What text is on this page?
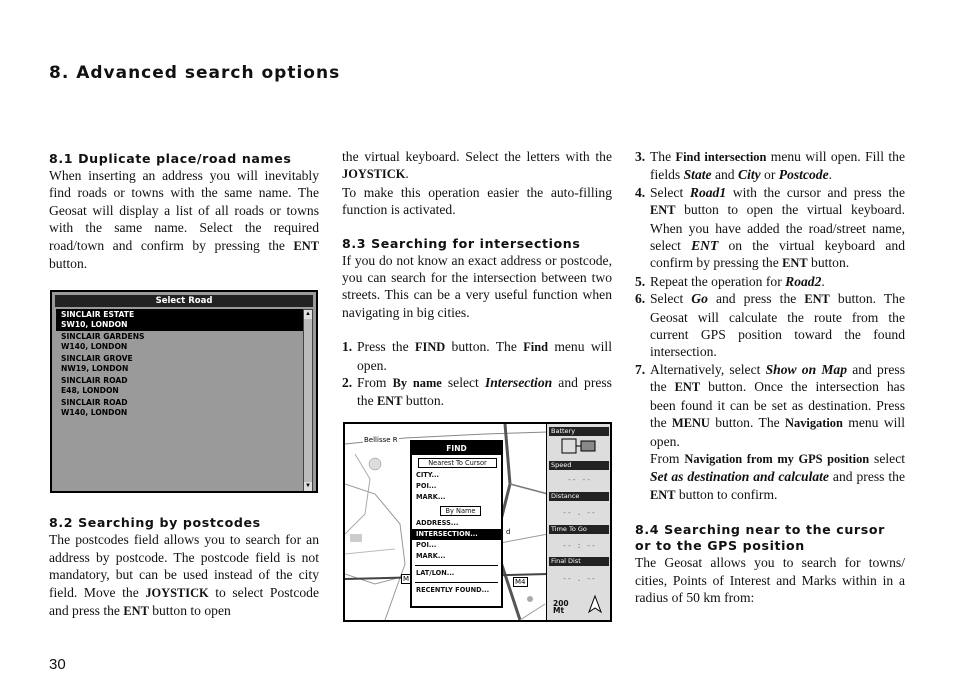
8. Advanced search options
8.1 Duplicate place/road names

When inserting an address you will inevitably find roads or towns with the same name. The Geosat will display a list of all roads or towns with the same name. Select the required road/town and confirm by pressing the ENT button.

8.2 Searching by postcodes

The postcodes field allows you to search for an address by postcode. The postcode field is not mandatory, but can be used instead of the city field. Move the JOYSTICK to select Postcode and press the ENT button to open

Select Road
SINCLAIR ESTATE
SW10, LONDON
SINCLAIR GARDENS
W140, LONDON
SINCLAIR GROVE
NW19, LONDON
SINCLAIR ROAD
E48, LONDON
SINCLAIR ROAD
W140, LONDON
▲
▼

the virtual keyboard. Select the letters with the JOYSTICK.

To make this operation easier the auto-filling function is activated.

8.3 Searching for intersections

If you do not know an exact address or postcode, you can search for the intersection between two streets. This can be a very useful function when navigating in big cities.

1. Press the FIND button. The Find menu will open.
2. From By name select Intersection and press the ENT button.
Bellisse R
M4
M
d
FIND
Nearest To Cursor
CITY...
POI...
MARK...
By Name
ADDRESS...
INTERSECTION...
POI...
MARK...
LAT/LON...
RECENTLY FOUND...
Battery
Speed
-- --
Distance
-- . --
Time To Go
-- : --
Final Dist
-- . --
200
Mt
3. The Find intersection menu will open. Fill the fields State and City or Postcode.
4. Select Road1 with the cursor and press the ENT button to open the virtual keyboard. When you have added the road/street name, select ENT on the virtual keyboard and confirm by pressing the ENT button.
5. Repeat the operation for Road2.
6. Select Go and press the ENT button. The Geosat will calculate the route from the current GPS position toward the found intersection.
7. Alternatively, select Show on Map and press the ENT button. Once the intersection has been found it can be set as destination. Press the MENU button. The Navigation menu will open.
From Navigation from my GPS position select Set as destination and calculate and press the ENT button to confirm.
8.4 Searching near to the cursor or to the GPS position

The Geosat allows you to search for towns/ cities, Points of Interest and Marks within in a radius of 50 km from:

30
